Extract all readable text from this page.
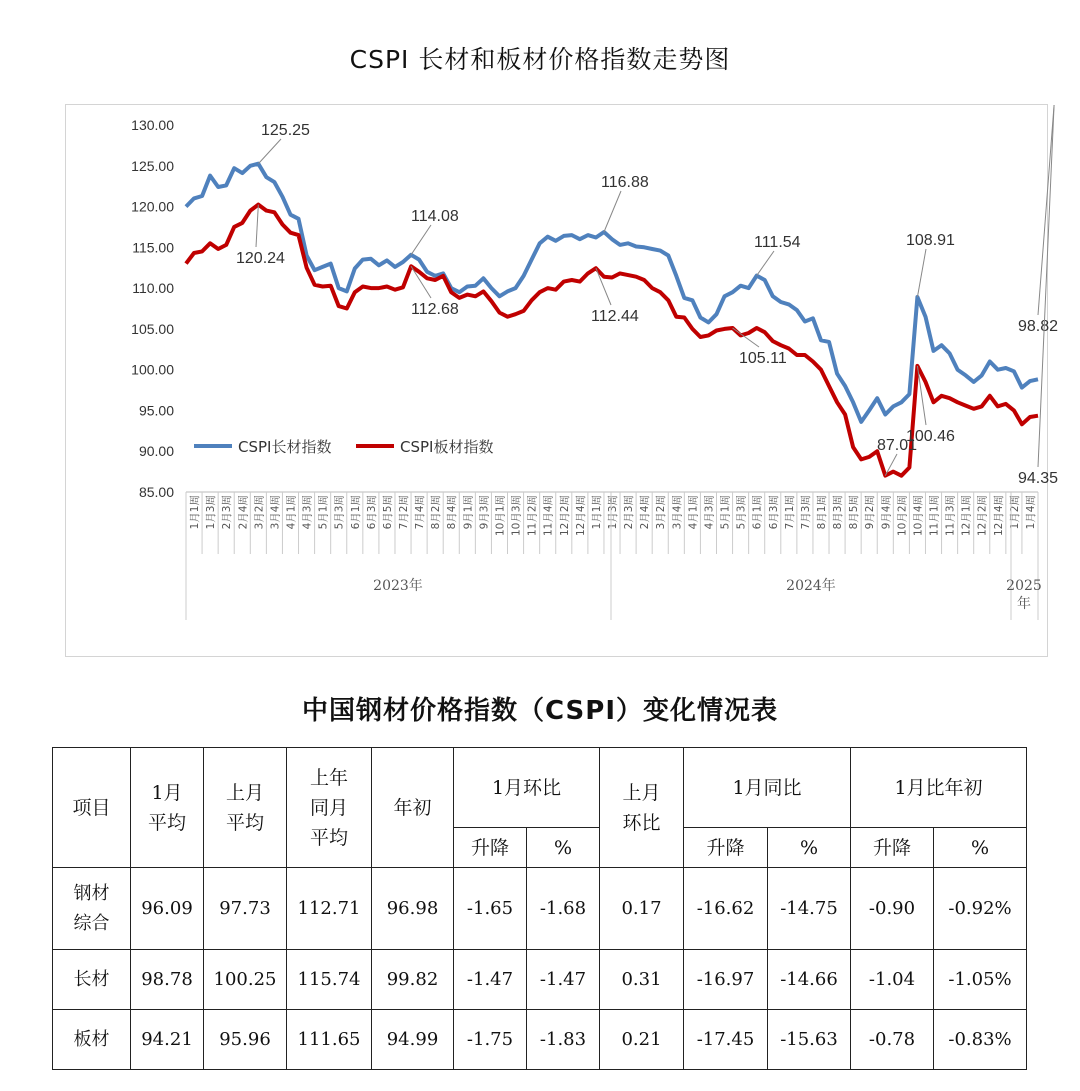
CSPI 长材和板材价格指数走势图
130.00
125.00
120.00
115.00
110.00
105.00
100.00
95.00
90.00
85.00
1月1周 1月3周 2月3周 2月4周 3月2周 3月4周 4月1周 4月3周 5月1周 5月3周 6月1周 6月3周 6月5周 7月2周 7月4周 8月2周 8月4周 9月1周 9月3周 10月1周 10月3周 11月2周 11月4周 12月2周 12月4周 1月1周 1月3周 2月3周 2月4周 3月2周 3月4周 4月1周 4月3周 5月1周 5月3周 6月1周 6月3周 7月1周 7月3周 8月1周 8月3周 8月5周 9月2周 9月4周 10月2周 10月4周 11月1周 11月3周 12月1周 12月2周 12月4周 1月2周 1月4周
2023年	2024年	2025
年
CSPI长材指数	CSPI板材指数
125.25
120.24
114.08
112.68
116.88
112.44
111.54
105.11
108.91
100.46
87.01
98.82
94.35
中国钢材价格指数（CSPI）变化情况表
项目	1月平均	上月平均	上年同月平均	年初	1月环比		上月环比	1月同比		1月比年初	
					升降	%		升降	%	升降	%
钢材综合	96.09	97.73	112.71	96.98	-1.65	-1.68	0.17	-16.62	-14.75	-0.90	-0.92%
长材	98.78	100.25	115.74	99.82	-1.47	-1.47	0.31	-16.97	-14.66	-1.04	-1.05%
板材	94.21	95.96	111.65	94.99	-1.75	-1.83	0.21	-17.45	-15.63	-0.78	-0.83%
